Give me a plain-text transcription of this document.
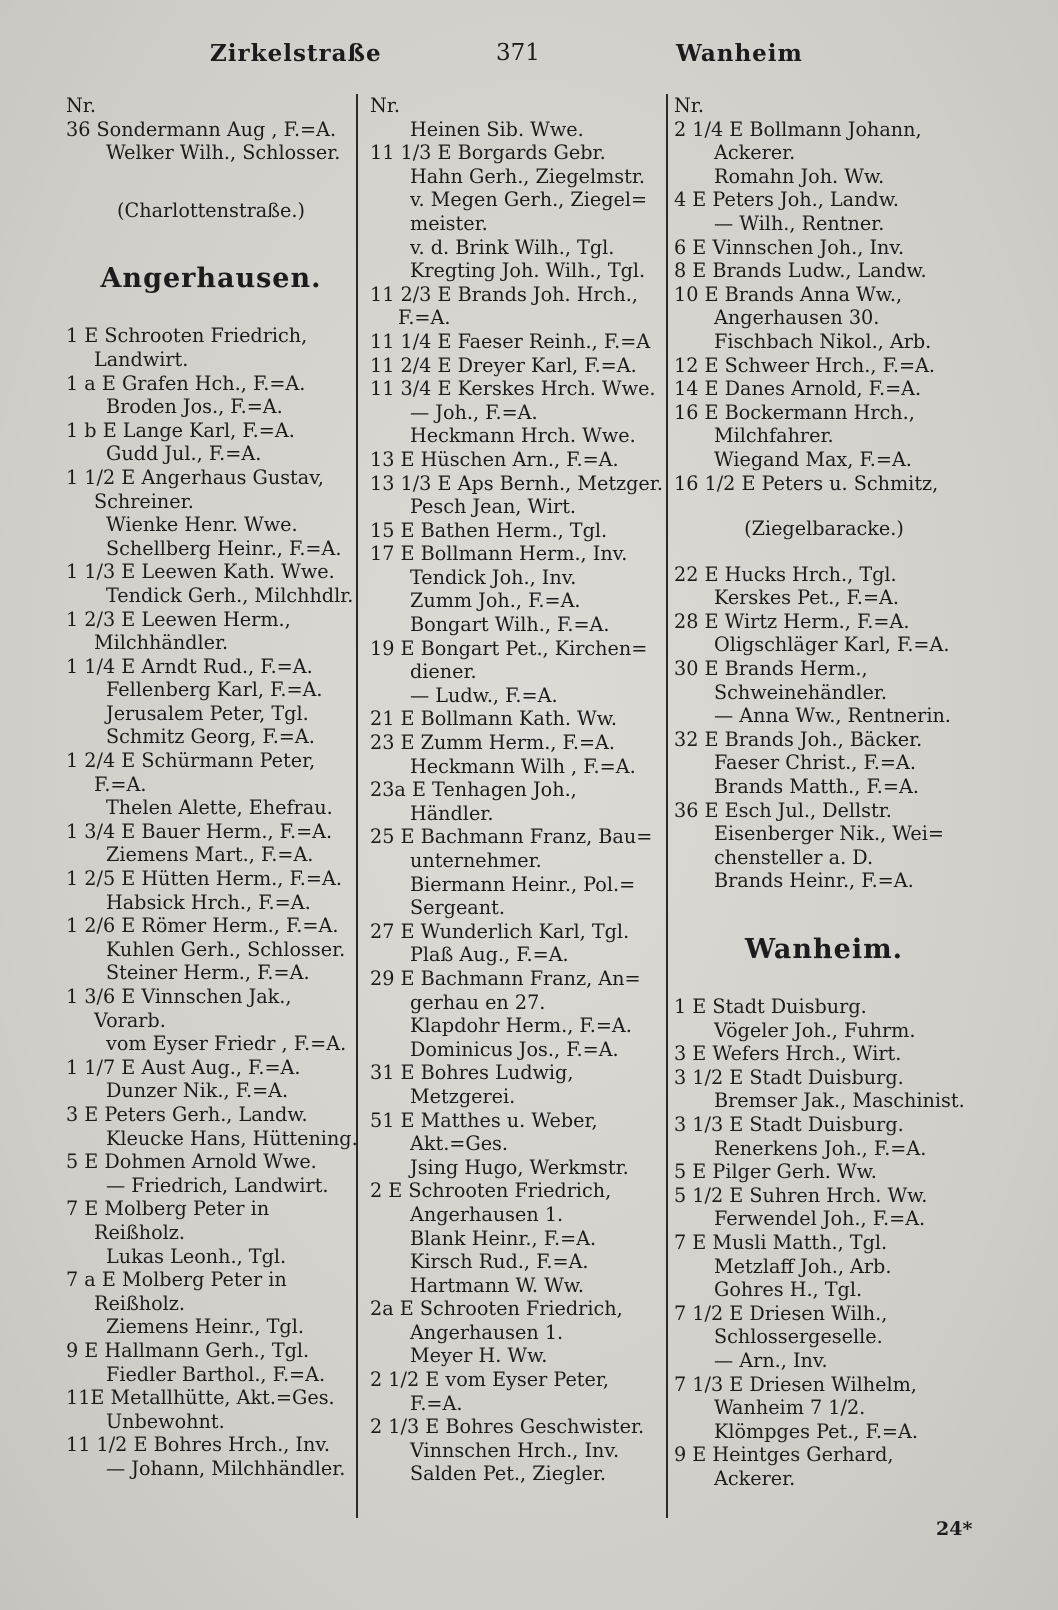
Zirkelstraße	371	Wanheim
Nr.
36 Sondermann Aug , F.=A.
Welker Wilh., Schlosser.
(Charlottenstraße.)
Angerhausen.
1 E Schrooten Friedrich,
Landwirt.
1 a E Grafen Hch., F.=A.
Broden Jos., F.=A.
1 b E Lange Karl, F.=A.
Gudd Jul., F.=A.
1 1/2 E Angerhaus Gustav,
Schreiner.
Wienke Henr. Wwe.
Schellberg Heinr., F.=A.
1 1/3 E Leewen Kath. Wwe.
Tendick Gerh., Milchhdlr.
1 2/3 E Leewen Herm.,
Milchhändler.
1 1/4 E Arndt Rud., F.=A.
Fellenberg Karl, F.=A.
Jerusalem Peter, Tgl.
Schmitz Georg, F.=A.
1 2/4 E Schürmann Peter,
F.=A.
Thelen Alette, Ehefrau.
1 3/4 E Bauer Herm., F.=A.
Ziemens Mart., F.=A.
1 2/5 E Hütten Herm., F.=A.
Habsick Hrch., F.=A.
1 2/6 E Römer Herm., F.=A.
Kuhlen Gerh., Schlosser.
Steiner Herm., F.=A.
1 3/6 E Vinnschen Jak.,
Vorarb.
vom Eyser Friedr , F.=A.
1 1/7 E Aust Aug., F.=A.
Dunzer Nik., F.=A.
3 E Peters Gerh., Landw.
Kleucke Hans, Hüttening.
5 E Dohmen Arnold Wwe.
— Friedrich, Landwirt.
7 E Molberg Peter in
Reißholz.
Lukas Leonh., Tgl.
7 a E Molberg Peter in
Reißholz.
Ziemens Heinr., Tgl.
9 E Hallmann Gerh., Tgl.
Fiedler Barthol., F.=A.
11E Metallhütte, Akt.=Ges.
Unbewohnt.
11 1/2 E Bohres Hrch., Inv.
— Johann, Milchhändler.
Nr.
Heinen Sib. Wwe.
11 1/3 E Borgards Gebr.
Hahn Gerh., Ziegelmstr.
v. Megen Gerh., Ziegel=
meister.
v. d. Brink Wilh., Tgl.
Kregting Joh. Wilh., Tgl.
11 2/3 E Brands Joh. Hrch.,
F.=A.
11 1/4 E Faeser Reinh., F.=A
11 2/4 E Dreyer Karl, F.=A.
11 3/4 E Kerskes Hrch. Wwe.
— Joh., F.=A.
Heckmann Hrch. Wwe.
13 E Hüschen Arn., F.=A.
13 1/3 E Aps Bernh., Metzger.
Pesch Jean, Wirt.
15 E Bathen Herm., Tgl.
17 E Bollmann Herm., Inv.
Tendick Joh., Inv.
Zumm Joh., F.=A.
Bongart Wilh., F.=A.
19 E Bongart Pet., Kirchen=
diener.
— Ludw., F.=A.
21 E Bollmann Kath. Ww.
23 E Zumm Herm., F.=A.
Heckmann Wilh , F.=A.
23a E Tenhagen Joh.,
Händler.
25 E Bachmann Franz, Bau=
unternehmer.
Biermann Heinr., Pol.=
Sergeant.
27 E Wunderlich Karl, Tgl.
Plaß Aug., F.=A.
29 E Bachmann Franz, An=
gerhau en 27.
Klapdohr Herm., F.=A.
Dominicus Jos., F.=A.
31 E Bohres Ludwig,
Metzgerei.
51 E Matthes u. Weber,
Akt.=Ges.
Jsing Hugo, Werkmstr.
2 E Schrooten Friedrich,
Angerhausen 1.
Blank Heinr., F.=A.
Kirsch Rud., F.=A.
Hartmann W. Ww.
2a E Schrooten Friedrich,
Angerhausen 1.
Meyer H. Ww.
2 1/2 E vom Eyser Peter,
F.=A.
2 1/3 E Bohres Geschwister.
Vinnschen Hrch., Inv.
Salden Pet., Ziegler.
Nr.
2 1/4 E Bollmann Johann,
Ackerer.
Romahn Joh. Ww.
4 E Peters Joh., Landw.
— Wilh., Rentner.
6 E Vinnschen Joh., Inv.
8 E Brands Ludw., Landw.
10 E Brands Anna Ww.,
Angerhausen 30.
Fischbach Nikol., Arb.
12 E Schweer Hrch., F.=A.
14 E Danes Arnold, F.=A.
16 E Bockermann Hrch.,
Milchfahrer.
Wiegand Max, F.=A.
16 1/2 E Peters u. Schmitz,
(Ziegelbaracke.)
22 E Hucks Hrch., Tgl.
Kerskes Pet., F.=A.
28 E Wirtz Herm., F.=A.
Oligschläger Karl, F.=A.
30 E Brands Herm.,
Schweinehändler.
— Anna Ww., Rentnerin.
32 E Brands Joh., Bäcker.
Faeser Christ., F.=A.
Brands Matth., F.=A.
36 E Esch Jul., Dellstr.
Eisenberger Nik., Wei=
chensteller a. D.
Brands Heinr., F.=A.
Wanheim.
1 E Stadt Duisburg.
Vögeler Joh., Fuhrm.
3 E Wefers Hrch., Wirt.
3 1/2 E Stadt Duisburg.
Bremser Jak., Maschinist.
3 1/3 E Stadt Duisburg.
Renerkens Joh., F.=A.
5 E Pilger Gerh. Ww.
5 1/2 E Suhren Hrch. Ww.
Ferwendel Joh., F.=A.
7 E Musli Matth., Tgl.
Metzlaff Joh., Arb.
Gohres H., Tgl.
7 1/2 E Driesen Wilh.,
Schlossergeselle.
— Arn., Inv.
7 1/3 E Driesen Wilhelm,
Wanheim 7 1/2.
Klömpges Pet., F.=A.
9 E Heintges Gerhard,
Ackerer.
24*
